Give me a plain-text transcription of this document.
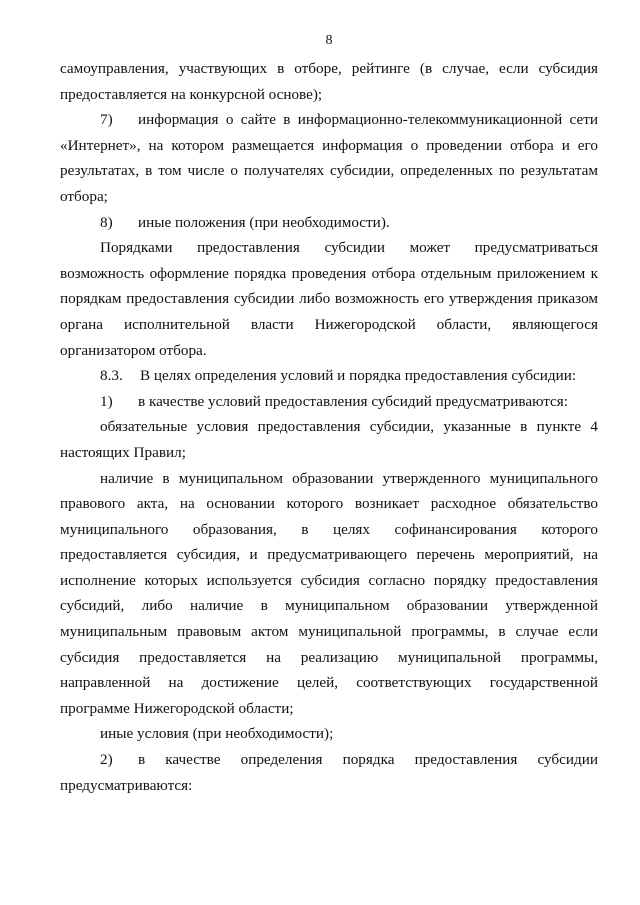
8

самоуправления, участвующих в отборе, рейтинге (в случае, если субсидия предоставляется на конкурсной основе);

7) информация о сайте в информационно-телекоммуникационной сети «Интернет», на котором размещается информация о проведении отбора и его результатах, в том числе о получателях субсидии, определенных по результатам отбора;

8) иные положения (при необходимости).

Порядками предоставления субсидии может предусматриваться возможность оформление порядка проведения отбора отдельным приложением к порядкам предоставления субсидии либо возможность его утверждения приказом органа исполнительной власти Нижегородской области, являющегося организатором отбора.

8.3. В целях определения условий и порядка предоставления субсидии:

1) в качестве условий предоставления субсидий предусматриваются:

обязательные условия предоставления субсидии, указанные в пункте 4 настоящих Правил;

наличие в муниципальном образовании утвержденного муниципального правового акта, на основании которого возникает расходное обязательство муниципального образования, в целях софинансирования которого предоставляется субсидия, и предусматривающего перечень мероприятий, на исполнение которых используется субсидия согласно порядку предоставления субсидий, либо наличие в муниципальном образовании утвержденной муниципальным правовым актом муниципальной программы, в случае если субсидия предоставляется на реализацию муниципальной программы, направленной на достижение целей, соответствующих государственной программе Нижегородской области;

иные условия (при необходимости);

2) в качестве определения порядка предоставления субсидии предусматриваются:
